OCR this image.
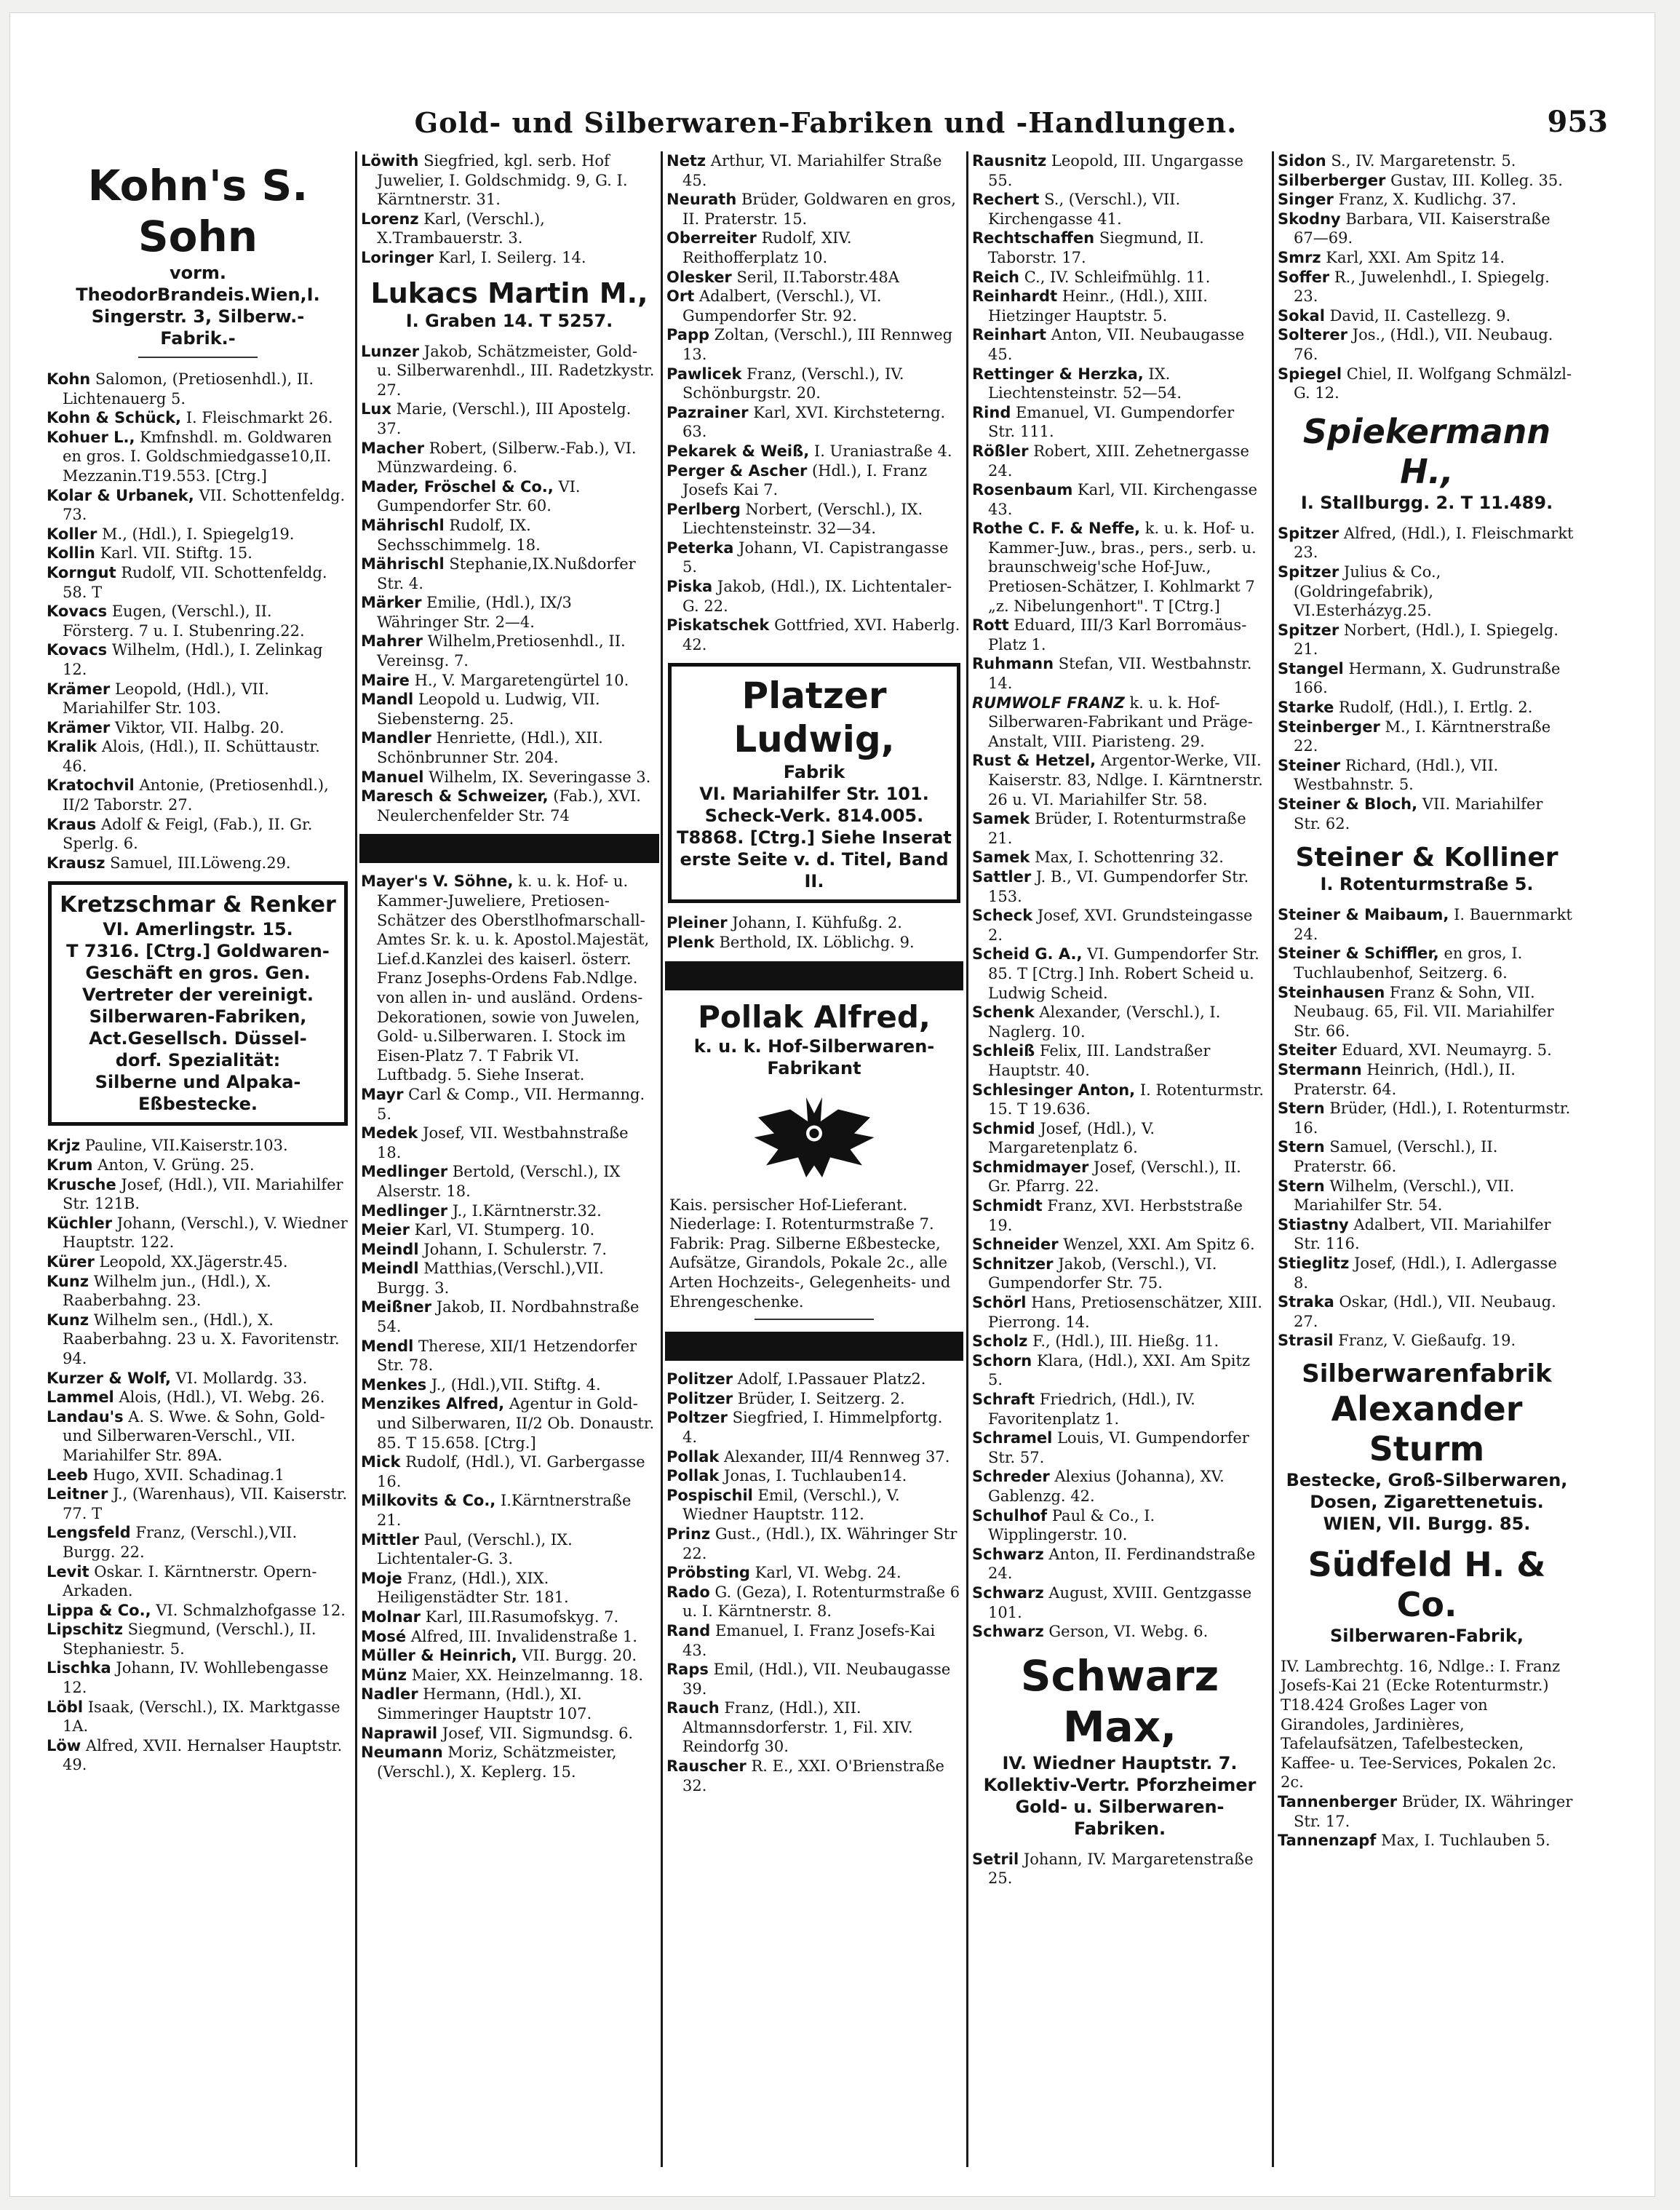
Gold- und Silberwaren-Fabriken und -Handlungen.	953
Kohn's S. Sohn
vorm. TheodorBrandeis.Wien,I.
Singerstr. 3, Silberw.-
Fabrik.-
Kohn Salomon, (Pretiosenhdl.), II. Lichtenauerg 5.
Kohn & Schück, I. Fleischmarkt 26.
Kohuer L., Kmfnshdl. m. Goldwaren en gros. I. Goldschmiedgasse10,II. Mezzanin.T19.553. [Ctrg.]
Kolar & Urbanek, VII. Schottenfeldg. 73.
Koller M., (Hdl.), I. Spiegelg19.
Kollin Karl. VII. Stiftg. 15.
Korngut Rudolf, VII. Schottenfeldg. 58. T
Kovacs Eugen, (Verschl.), II. Försterg. 7 u. I. Stubenring.22.
Kovacs Wilhelm, (Hdl.), I. Zelinkag 12.
Krämer Leopold, (Hdl.), VII. Mariahilfer Str. 103.
Krämer Viktor, VII. Halbg. 20.
Kralik Alois, (Hdl.), II. Schüttaustr. 46.
Kratochvil Antonie, (Pretiosenhdl.), II/2 Taborstr. 27.
Kraus Adolf & Feigl, (Fab.), II. Gr. Sperlg. 6.
Krausz Samuel, III.Löweng.29.
Kretzschmar & Renker
VI. Amerlingstr. 15.
T 7316. [Ctrg.] Goldwaren-
Geschäft en gros. Gen.
Vertreter der vereinigt.
Silberwaren-Fabriken,
Act.Gesellsch. Düssel-
dorf. Spezialität:
Silberne und Alpaka-
Eßbestecke.
Krjz Pauline, VII.Kaiserstr.103.
Krum Anton, V. Grüng. 25.
Krusche Josef, (Hdl.), VII. Mariahilfer Str. 121B.
Küchler Johann, (Verschl.), V. Wiedner Hauptstr. 122.
Kürer Leopold, XX.Jägerstr.45.
Kunz Wilhelm jun., (Hdl.), X. Raaberbahng. 23.
Kunz Wilhelm sen., (Hdl.), X. Raaberbahng. 23 u. X. Favoritenstr. 94.
Kurzer & Wolf, VI. Mollardg. 33.
Lammel Alois, (Hdl.), VI. Webg. 26.
Landau's A. S. Wwe. & Sohn, Gold-und Silberwaren-Verschl., VII. Mariahilfer Str. 89A.
Leeb Hugo, XVII. Schadinag.1
Leitner J., (Warenhaus), VII. Kaiserstr. 77. T
Lengsfeld Franz, (Verschl.),VII. Burgg. 22.
Levit Oskar. I. Kärntnerstr. Opern-Arkaden.
Lippa & Co., VI. Schmalzhofgasse 12.
Lipschitz Siegmund, (Verschl.), II. Stephaniestr. 5.
Lischka Johann, IV. Wohllebengasse 12.
Löbl Isaak, (Verschl.), IX. Marktgasse 1A.
Löw Alfred, XVII. Hernalser Hauptstr. 49.
Löwith Siegfried, kgl. serb. Hof Juwelier, I. Goldschmidg. 9, G. I. Kärntnerstr. 31.
Lorenz Karl, (Verschl.), X.Trambauerstr. 3.
Loringer Karl, I. Seilerg. 14.
Lukacs Martin M.,
I. Graben 14. T 5257.
Lunzer Jakob, Schätzmeister, Gold- u. Silberwarenhdl., III. Radetzkystr. 27.
Lux Marie, (Verschl.), III Apostelg. 37.
Macher Robert, (Silberw.-Fab.), VI. Münzwardeing. 6.
Mader, Fröschel & Co., VI. Gumpendorfer Str. 60.
Mährischl Rudolf, IX. Sechsschimmelg. 18.
Mährischl Stephanie,IX.Nußdorfer Str. 4.
Märker Emilie, (Hdl.), IX/3 Währinger Str. 2—4.
Mahrer Wilhelm,Pretiosenhdl., II. Vereinsg. 7.
Maire H., V. Margaretengürtel 10.
Mandl Leopold u. Ludwig, VII. Siebensterng. 25.
Mandler Henriette, (Hdl.), XII. Schönbrunner Str. 204.
Manuel Wilhelm, IX. Severingasse 3.
Maresch & Schweizer, (Fab.), XVI. Neulerchenfelder Str. 74
Mayer's V. Söhne, k. u. k. Hof- u. Kammer-Juweliere, Pretiosen-Schätzer des Oberstlhofmarschall-Amtes Sr. k. u. k. Apostol.Majestät, Lief.d.Kanzlei des kaiserl. österr. Franz Josephs-Ordens Fab.Ndlge. von allen in- und ausländ. Ordens-Dekorationen, sowie von Juwelen, Gold- u.Silberwaren. I. Stock im Eisen-Platz 7. T Fabrik VI. Luftbadg. 5. Siehe Inserat.
Mayr Carl & Comp., VII. Hermanng. 5.
Medek Josef, VII. Westbahnstraße 18.
Medlinger Bertold, (Verschl.), IX Alserstr. 18.
Medlinger J., I.Kärntnerstr.32.
Meier Karl, VI. Stumperg. 10.
Meindl Johann, I. Schulerstr. 7.
Meindl Matthias,(Verschl.),VII. Burgg. 3.
Meißner Jakob, II. Nordbahnstraße 54.
Mendl Therese, XII/1 Hetzendorfer Str. 78.
Menkes J., (Hdl.),VII. Stiftg. 4.
Menzikes Alfred, Agentur in Gold- und Silberwaren, II/2 Ob. Donaustr. 85. T 15.658. [Ctrg.]
Mick Rudolf, (Hdl.), VI. Garbergasse 16.
Milkovits & Co., I.Kärntnerstraße 21.
Mittler Paul, (Verschl.), IX. Lichtentaler-G. 3.
Moje Franz, (Hdl.), XIX. Heiligenstädter Str. 181.
Molnar Karl, III.Rasumofskyg. 7.
Mosé Alfred, III. Invalidenstraße 1.
Müller & Heinrich, VII. Burgg. 20.
Münz Maier, XX. Heinzelmanng. 18.
Nadler Hermann, (Hdl.), XI. Simmeringer Hauptstr 107.
Naprawil Josef, VII. Sigmundsg. 6.
Neumann Moriz, Schätzmeister, (Verschl.), X. Keplerg. 15.
Netz Arthur, VI. Mariahilfer Straße 45.
Neurath Brüder, Goldwaren en gros, II. Praterstr. 15.
Oberreiter Rudolf, XIV. Reithofferplatz 10.
Olesker Seril, II.Taborstr.48A
Ort Adalbert, (Verschl.), VI. Gumpendorfer Str. 92.
Papp Zoltan, (Verschl.), III Rennweg 13.
Pawlicek Franz, (Verschl.), IV. Schönburgstr. 20.
Pazrainer Karl, XVI. Kirchsteterng. 63.
Pekarek & Weiß, I. Uraniastraße 4.
Perger & Ascher (Hdl.), I. Franz Josefs Kai 7.
Perlberg Norbert, (Verschl.), IX. Liechtensteinstr. 32—34.
Peterka Johann, VI. Capistrangasse 5.
Piska Jakob, (Hdl.), IX. Lichtentaler-G. 22.
Piskatschek Gottfried, XVI. Haberlg. 42.
Platzer Ludwig,
Fabrik
VI. Mariahilfer Str. 101.
Scheck-Verk. 814.005.
T8868. [Ctrg.] Siehe Inserat
erste Seite v. d. Titel, Band II.
Pleiner Johann, I. Kühfußg. 2.
Plenk Berthold, IX. Löblichg. 9.
Pollak Alfred,
k. u. k. Hof-Silberwaren-
Fabrikant
Kais. persischer Hof-Lieferant. Niederlage: I. Rotenturmstraße 7. Fabrik: Prag. Silberne Eßbestecke, Aufsätze, Girandols, Pokale 2c., alle Arten Hochzeits-, Gelegenheits- und Ehrengeschenke.
Politzer Adolf, I.Passauer Platz2.
Politzer Brüder, I. Seitzerg. 2.
Poltzer Siegfried, I. Himmelpfortg. 4.
Pollak Alexander, III/4 Rennweg 37.
Pollak Jonas, I. Tuchlauben14.
Pospischil Emil, (Verschl.), V. Wiedner Hauptstr. 112.
Prinz Gust., (Hdl.), IX. Währinger Str 22.
Pröbsting Karl, VI. Webg. 24.
Rado G. (Geza), I. Rotenturmstraße 6 u. I. Kärntnerstr. 8.
Rand Emanuel, I. Franz Josefs-Kai 43.
Raps Emil, (Hdl.), VII. Neubaugasse 39.
Rauch Franz, (Hdl.), XII. Altmannsdorferstr. 1, Fil. XIV. Reindorfg 30.
Rauscher R. E., XXI. O'Brienstraße 32.
Rausnitz Leopold, III. Ungargasse 55.
Rechert S., (Verschl.), VII. Kirchengasse 41.
Rechtschaffen Siegmund, II. Taborstr. 17.
Reich C., IV. Schleifmühlg. 11.
Reinhardt Heinr., (Hdl.), XIII. Hietzinger Hauptstr. 5.
Reinhart Anton, VII. Neubaugasse 45.
Rettinger & Herzka, IX. Liechtensteinstr. 52—54.
Rind Emanuel, VI. Gumpendorfer Str. 111.
Rößler Robert, XIII. Zehetnergasse 24.
Rosenbaum Karl, VII. Kirchengasse 43.
Rothe C. F. & Neffe, k. u. k. Hof- u. Kammer-Juw., bras., pers., serb. u. braunschweig'sche Hof-Juw., Pretiosen-Schätzer, I. Kohlmarkt 7 „z. Nibelungenhort". T [Ctrg.]
Rott Eduard, III/3 Karl Borromäus-Platz 1.
Ruhmann Stefan, VII. Westbahnstr. 14.
RUMWOLF FRANZ k. u. k. Hof-Silberwaren-Fabrikant und Präge-Anstalt, VIII. Piaristeng. 29.
Rust & Hetzel, Argentor-Werke, VII. Kaiserstr. 83, Ndlge. I. Kärntnerstr. 26 u. VI. Mariahilfer Str. 58.
Samek Brüder, I. Rotenturmstraße 21.
Samek Max, I. Schottenring 32.
Sattler J. B., VI. Gumpendorfer Str. 153.
Scheck Josef, XVI. Grundsteingasse 2.
Scheid G. A., VI. Gumpendorfer Str. 85. T [Ctrg.] Inh. Robert Scheid u. Ludwig Scheid.
Schenk Alexander, (Verschl.), I. Naglerg. 10.
Schleiß Felix, III. Landstraßer Hauptstr. 40.
Schlesinger Anton, I. Rotenturmstr. 15. T 19.636.
Schmid Josef, (Hdl.), V. Margaretenplatz 6.
Schmidmayer Josef, (Verschl.), II. Gr. Pfarrg. 22.
Schmidt Franz, XVI. Herbststraße 19.
Schneider Wenzel, XXI. Am Spitz 6.
Schnitzer Jakob, (Verschl.), VI. Gumpendorfer Str. 75.
Schörl Hans, Pretiosenschätzer, XIII. Pierrong. 14.
Scholz F., (Hdl.), III. Hießg. 11.
Schorn Klara, (Hdl.), XXI. Am Spitz 5.
Schraft Friedrich, (Hdl.), IV. Favoritenplatz 1.
Schramel Louis, VI. Gumpendorfer Str. 57.
Schreder Alexius (Johanna), XV. Gablenzg. 42.
Schulhof Paul & Co., I. Wipplingerstr. 10.
Schwarz Anton, II. Ferdinandstraße 24.
Schwarz August, XVIII. Gentzgasse 101.
Schwarz Gerson, VI. Webg. 6.
Schwarz Max,
IV. Wiedner Hauptstr. 7.
Kollektiv-Vertr. Pforzheimer Gold- u. Silberwaren-Fabriken.
Setril Johann, IV. Margaretenstraße 25.
Sidon S., IV. Margaretenstr. 5.
Silberberger Gustav, III. Kolleg. 35.
Singer Franz, X. Kudlichg. 37.
Skodny Barbara, VII. Kaiserstraße 67—69.
Smrz Karl, XXI. Am Spitz 14.
Soffer R., Juwelenhdl., I. Spiegelg. 23.
Sokal David, II. Castellezg. 9.
Solterer Jos., (Hdl.), VII. Neubaug. 76.
Spiegel Chiel, II. Wolfgang Schmälzl-G. 12.
Spiekermann H.,
I. Stallburgg. 2. T 11.489.
Spitzer Alfred, (Hdl.), I. Fleischmarkt 23.
Spitzer Julius & Co., (Goldringefabrik), VI.Esterházyg.25.
Spitzer Norbert, (Hdl.), I. Spiegelg. 21.
Stangel Hermann, X. Gudrunstraße 166.
Starke Rudolf, (Hdl.), I. Ertlg. 2.
Steinberger M., I. Kärntnerstraße 22.
Steiner Richard, (Hdl.), VII. Westbahnstr. 5.
Steiner & Bloch, VII. Mariahilfer Str. 62.
Steiner & Kolliner
I. Rotenturmstraße 5.
Steiner & Maibaum, I. Bauernmarkt 24.
Steiner & Schiffler, en gros, I. Tuchlaubenhof, Seitzerg. 6.
Steinhausen Franz & Sohn, VII. Neubaug. 65, Fil. VII. Mariahilfer Str. 66.
Steiter Eduard, XVI. Neumayrg. 5.
Stermann Heinrich, (Hdl.), II. Praterstr. 64.
Stern Brüder, (Hdl.), I. Rotenturmstr. 16.
Stern Samuel, (Verschl.), II. Praterstr. 66.
Stern Wilhelm, (Verschl.), VII. Mariahilfer Str. 54.
Stiastny Adalbert, VII. Mariahilfer Str. 116.
Stieglitz Josef, (Hdl.), I. Adlergasse 8.
Straka Oskar, (Hdl.), VII. Neubaug. 27.
Strasil Franz, V. Gießaufg. 19.
Silberwarenfabrik
Alexander Sturm
Bestecke, Groß-Silberwaren,
Dosen, Zigarettenetuis.
WIEN, VII. Burgg. 85.
Südfeld H. & Co.
Silberwaren-Fabrik,
IV. Lambrechtg. 16, Ndlge.: I. Franz Josefs-Kai 21 (Ecke Rotenturmstr.) T18.424 Großes Lager von Girandoles, Jardinières, Tafelaufsätzen, Tafelbestecken, Kaffee- u. Tee-Services, Pokalen 2c. 2c.
Tannenberger Brüder, IX. Währinger Str. 17.
Tannenzapf Max, I. Tuchlauben 5.
